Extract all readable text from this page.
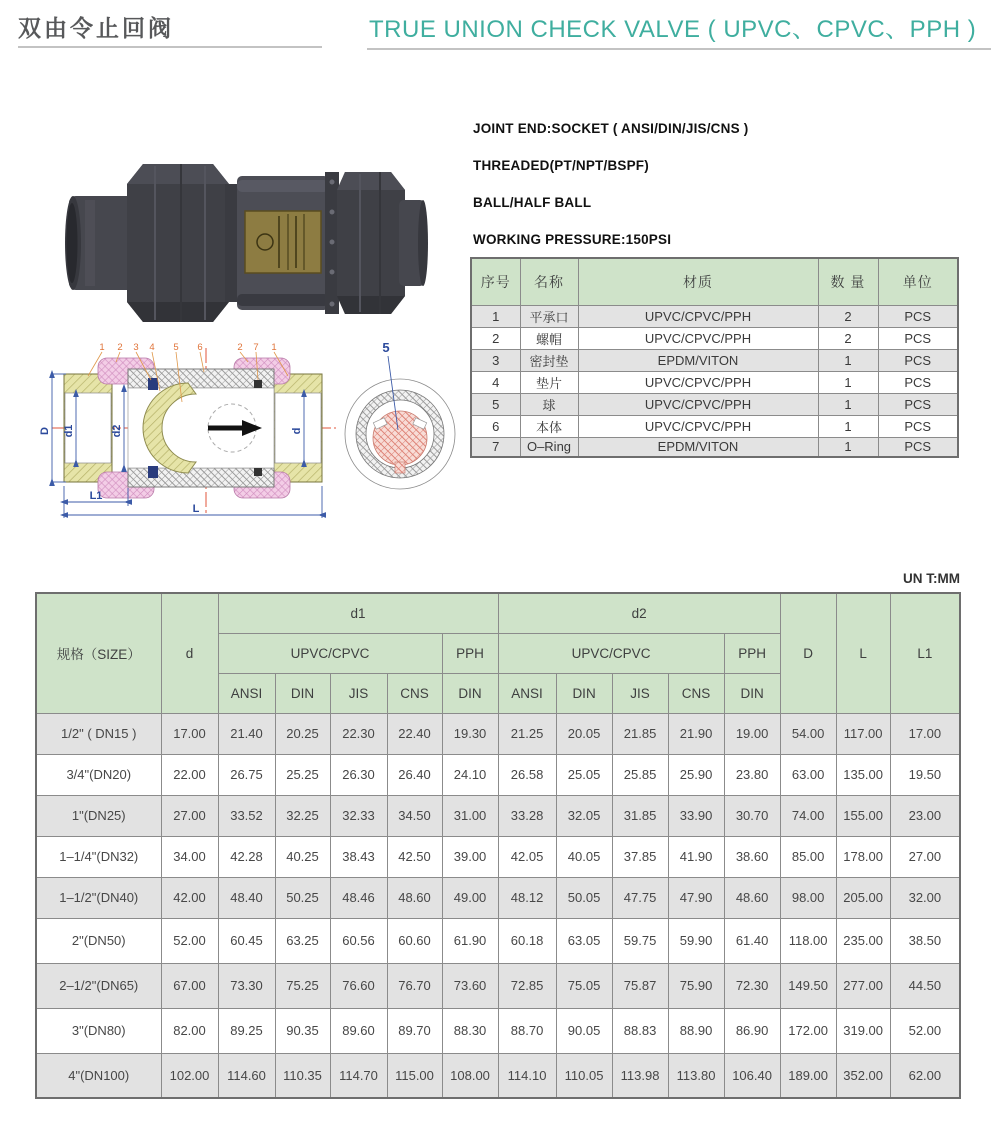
双由令止回阀	TRUE UNION CHECK VALVE ( UPVC、CPVC、PPH )
JOINT END:SOCKET ( ANSI/DIN/JIS/CNS )
THREADED(PT/NPT/BSPF)
BALL/HALF BALL
WORKING PRESSURE:150PSI
序号	名称	材质	数 量	单位
1	平承口	UPVC/CPVC/PPH	2	PCS
2	螺帽	UPVC/CPVC/PPH	2	PCS
3	密封垫	EPDM/VITON	1	PCS
4	垫片	UPVC/CPVC/PPH	1	PCS
5	球	UPVC/CPVC/PPH	1	PCS
6	本体	UPVC/CPVC/PPH	1	PCS
7	O–Ring	EPDM/VITON	1	PCS
1 2 3 4 5 6	2 7 1
D d1	d2	d
L1
L
5
UN T:MM
规格（SIZE）	d	d1					d2					D	L	L1
		UPVC/CPVC				PPH	UPVC/CPVC				PPH			
		ANSI	DIN	JIS	CNS	DIN	ANSI	DIN	JIS	CNS	DIN			
1/2" ( DN15 )	17.00	21.40	20.25	22.30	22.40	19.30	21.25	20.05	21.85	21.90	19.00	54.00	117.00	17.00
3/4"(DN20)	22.00	26.75	25.25	26.30	26.40	24.10	26.58	25.05	25.85	25.90	23.80	63.00	135.00	19.50
1"(DN25)	27.00	33.52	32.25	32.33	34.50	31.00	33.28	32.05	31.85	33.90	30.70	74.00	155.00	23.00
1–1/4"(DN32)	34.00	42.28	40.25	38.43	42.50	39.00	42.05	40.05	37.85	41.90	38.60	85.00	178.00	27.00
1–1/2"(DN40)	42.00	48.40	50.25	48.46	48.60	49.00	48.12	50.05	47.75	47.90	48.60	98.00	205.00	32.00
2"(DN50)	52.00	60.45	63.25	60.56	60.60	61.90	60.18	63.05	59.75	59.90	61.40	118.00	235.00	38.50
2–1/2"(DN65)	67.00	73.30	75.25	76.60	76.70	73.60	72.85	75.05	75.87	75.90	72.30	149.50	277.00	44.50
3"(DN80)	82.00	89.25	90.35	89.60	89.70	88.30	88.70	90.05	88.83	88.90	86.90	172.00	319.00	52.00
4"(DN100)	102.00	114.60	110.35	114.70	115.00	108.00	114.10	110.05	113.98	113.80	106.40	189.00	352.00	62.00
